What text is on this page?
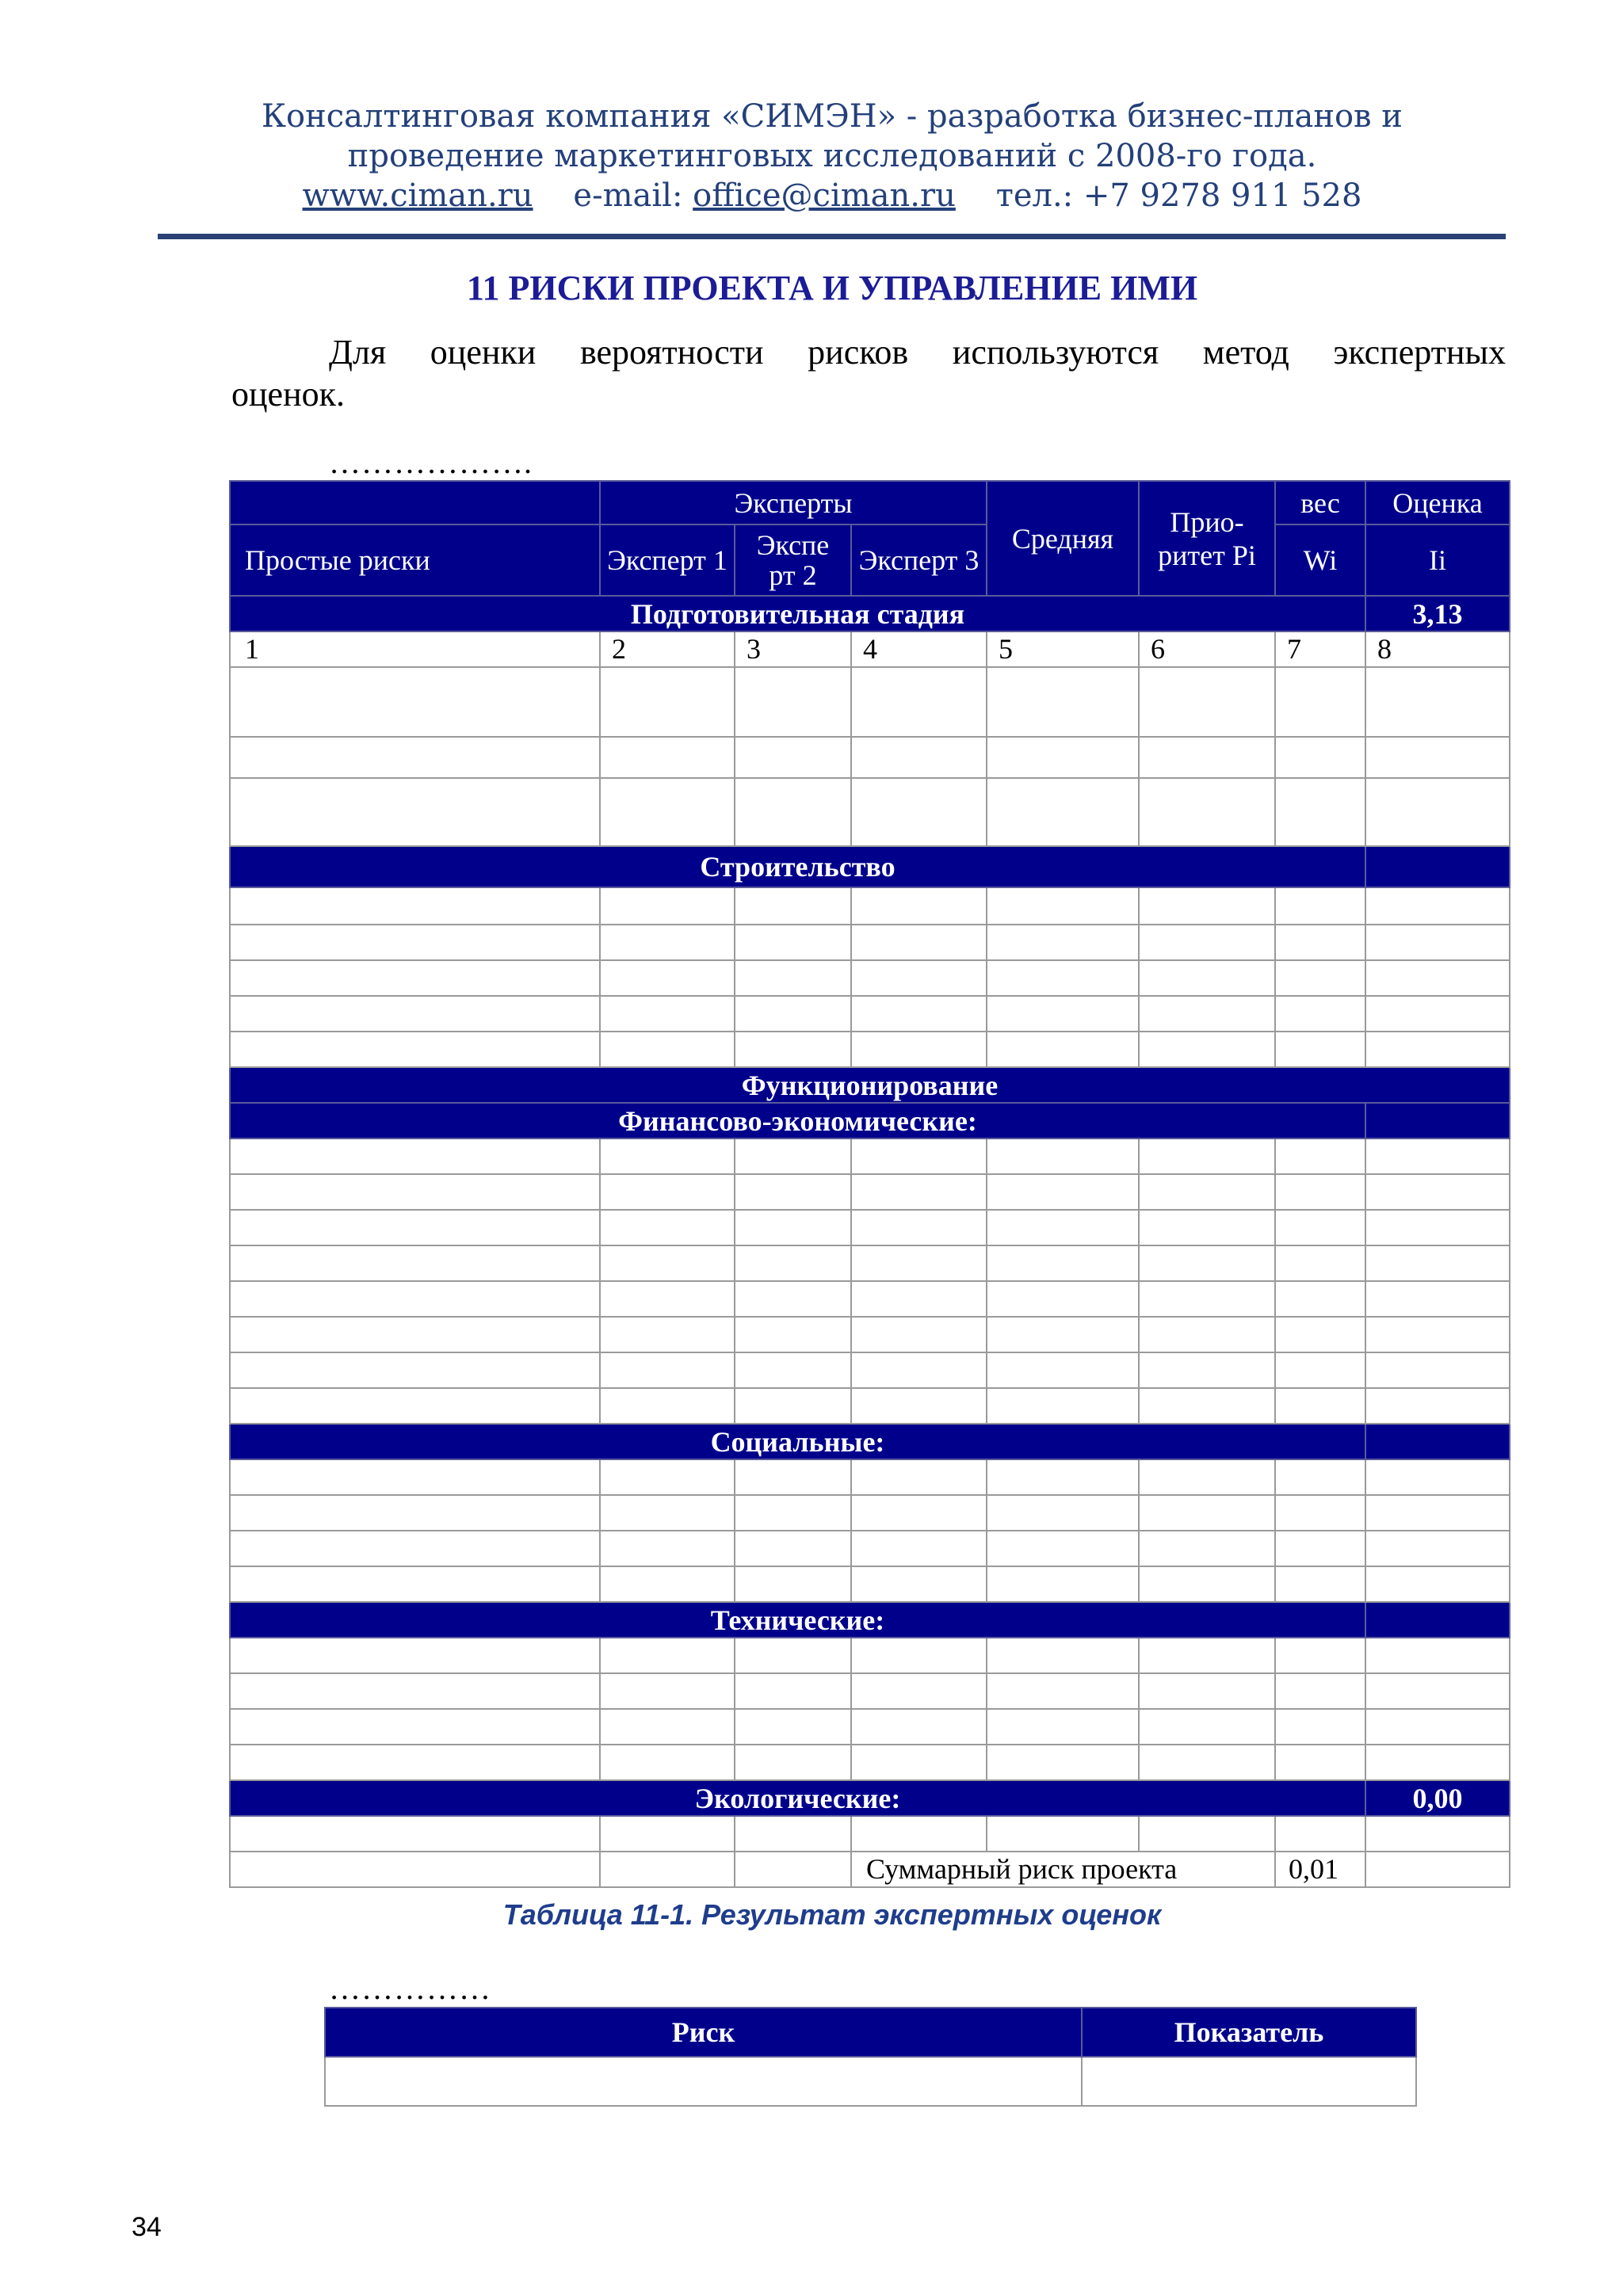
Консалтинговая компания «СИМЭН» - разработка бизнес-планов и
проведение маркетинговых исследований с 2008-го года.
www.ciman.ru e-mail: office@ciman.ru тел.: +7 9278 911 528
11 РИСКИ ПРОЕКТА И УПРАВЛЕНИЕ ИМИ
Для оценки вероятности рисков используются метод экспертных
оценок.
……………….
	Эксперты			Средняя	Прио-ритет Pi	вес	Оценка
Простые риски	Эксперт 1	Экспе рт 2	Эксперт 3			Wi	Ii
Подготовительная стадия							3,13
1	2	3	4	5	6	7	8

Строительство							

Функционирование							
Финансово-экономические:							

Социальные:							

Технические:							

Экологические:							0,00

			Суммарный риск проекта			0,01	
Таблица 11-1. Результат экспертных оценок
……………
Риск	Показатель

34
